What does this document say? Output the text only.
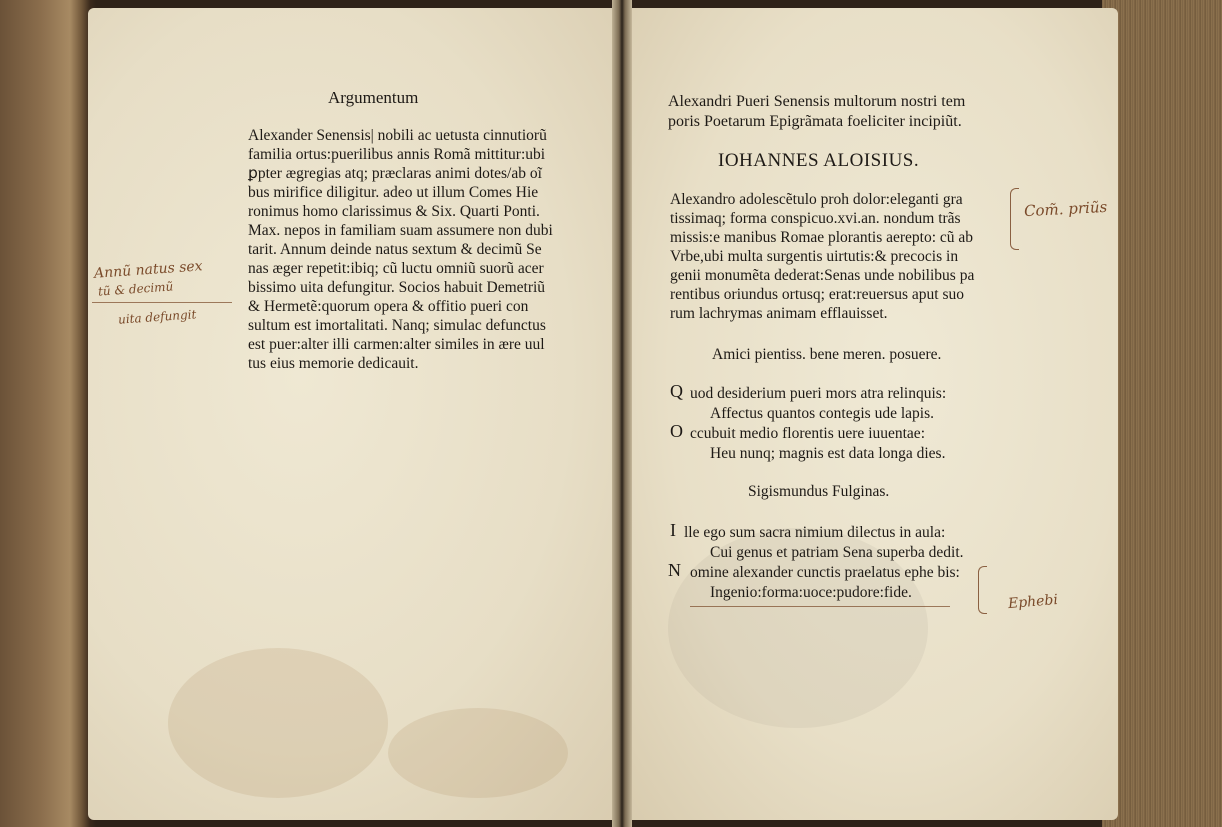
Argumentum

Alexander Senensis| nobili ac uetusta cinnutiorũ

familia ortus:puerilibus annis Romã mittitur:ubi

ꝑpter ægregias atq; præclaras animi dotes/ab oĩ

bus mirifice diligitur. adeo ut illum Comes Hie

ronimus homo clarissimus & Six. Quarti Ponti.

Max. nepos in familiam suam assumere non dubi

tarit. Annum deinde natus sextum & decimũ Se

nas æger repetit:ibiq; cũ luctu omniũ suorũ acer

bissimo uita defungitur. Socios habuit Demetriũ

& Hermetẽ:quorum opera & offitio pueri con

sultum est imortalitati. Nanq; simulac defunctus

est puer:alter illi carmen:alter similes in ære uul

tus eius memorie dedicauit.

Annũ natus sex

tũ & decimũ

uita defungit

Alexandri Pueri Senensis multorum nostri tem

poris Poetarum Epigrãmata foeliciter incipiũt.

IOHANNES ALOISIUS.

Alexandro adolescẽtulo proh dolor:eleganti gra

tissimaq; forma conspicuo.xvi.an. nondum trãs

missis:e manibus Romae plorantis aerepto: cũ ab

Vrbe,ubi multa surgentis uirtutis:& precocis in

genii monumẽta dederat:Senas unde nobilibus pa

rentibus oriundus ortusq; erat:reuersus aput suo

rum lachrymas animam efflauisset.

Amici pientiss. bene meren. posuere.

Q uod desiderium pueri mors atra relinquis:

Affectus quantos contegis ude lapis.

O ccubuit medio florentis uere iuuentae:

Heu nunq; magnis est data longa dies.

Sigismundus Fulginas.

I lle ego sum sacra nimium dilectus in aula:

Cui genus et patriam Sena superba dedit.

N omine alexander cunctis praelatus ephe bis:

Ingenio:forma:uoce:pudore:fide.

Com̃. priũs

Ephebi
